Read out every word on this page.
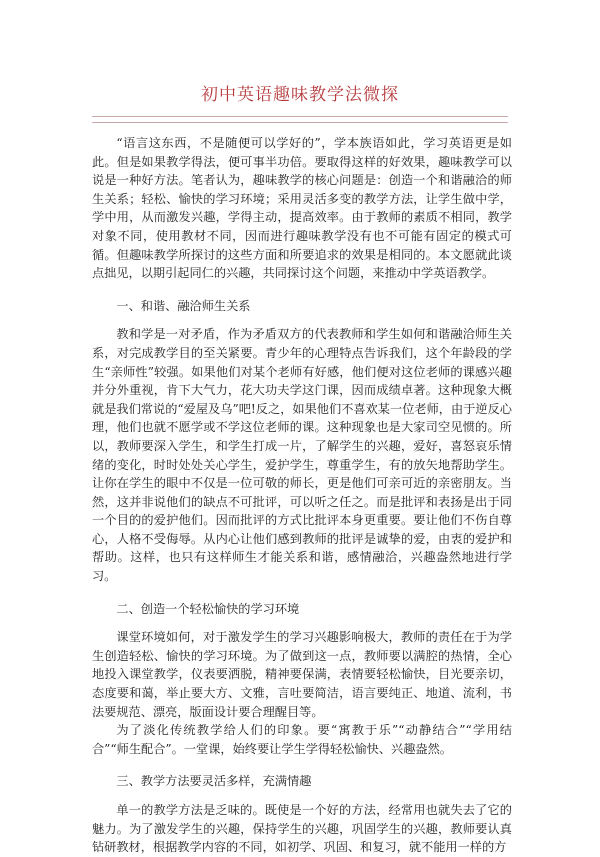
初中英语趣味教学法微探

“语言这东西，不是随便可以学好的”，学本族语如此，学习英语更是如此。但是如果教学得法，便可事半功倍。要取得这样的好效果，趣味教学可以说是一种好方法。笔者认为，趣味教学的核心问题是：创造一个和谐融洽的师生关系；轻松、愉快的学习环境；采用灵活多变的教学方法，让学生做中学，学中用，从而激发兴趣，学得主动，提高效率。由于教师的素质不相同，教学对象不同，使用教材不同，因而进行趣味教学没有也不可能有固定的模式可循。但趣味教学所探讨的这些方面和所要追求的效果是相同的。本文愿就此谈点拙见，以期引起同仁的兴趣，共同探讨这个问题，来推动中学英语教学。

一、和谐、融洽师生关系

教和学是一对矛盾，作为矛盾双方的代表教师和学生如何和谐融洽师生关系，对完成教学目的至关紧要。青少年的心理特点告诉我们，这个年龄段的学生“亲师性”较强。如果他们对某个老师有好感，他们便对这位老师的课感兴趣并分外重视，肯下大气力，花大功夫学这门课，因而成绩卓著。这种现象大概就是我们常说的“爱屋及乌”吧!反之，如果他们不喜欢某一位老师，由于逆反心理，他们也就不愿学或不学这位老师的课。这种现象也是大家司空见惯的。所以，教师要深入学生，和学生打成一片，了解学生的兴趣，爱好，喜怒哀乐情绪的变化，时时处处关心学生，爱护学生，尊重学生，有的放矢地帮助学生。让你在学生的眼中不仅是一位可敬的师长，更是他们可亲可近的亲密朋友。当然，这并非说他们的缺点不可批评，可以听之任之。而是批评和表扬是出于同一个目的的爱护他们。因而批评的方式比批评本身更重要。要让他们不伤自尊心，人格不受侮辱。从内心让他们感到教师的批评是诚挚的爱，由衷的爱护和帮助。这样，也只有这样师生才能关系和谐，感情融洽，兴趣盎然地进行学习。

二、创造一个轻松愉快的学习环境

课堂环境如何，对于激发学生的学习兴趣影响极大，教师的责任在于为学生创造轻松、愉快的学习环境。为了做到这一点，教师要以满腔的热情，全心地投入课堂教学，仪表要洒脱，精神要保满，表情要轻松愉快，目光要亲切，态度要和蔼，举止要大方、文雅，言吐要简洁，语言要纯正、地道、流利，书法要规范、漂亮，版面设计要合理醒目等。

为了淡化传统教学给人们的印象。要“寓教于乐”“动静结合”“学用结合”“师生配合”。一堂课，始终要让学生学得轻松愉快、兴趣盎然。

三、教学方法要灵活多样，充满情趣

单一的教学方法是乏味的。既使是一个好的方法，经常用也就失去了它的魅力。为了激发学生的兴趣，保持学生的兴趣，巩固学生的兴趣，教师要认真钻研教材，根据教学内容的不同，如初学、巩固、和复习，就不能用一样的方
